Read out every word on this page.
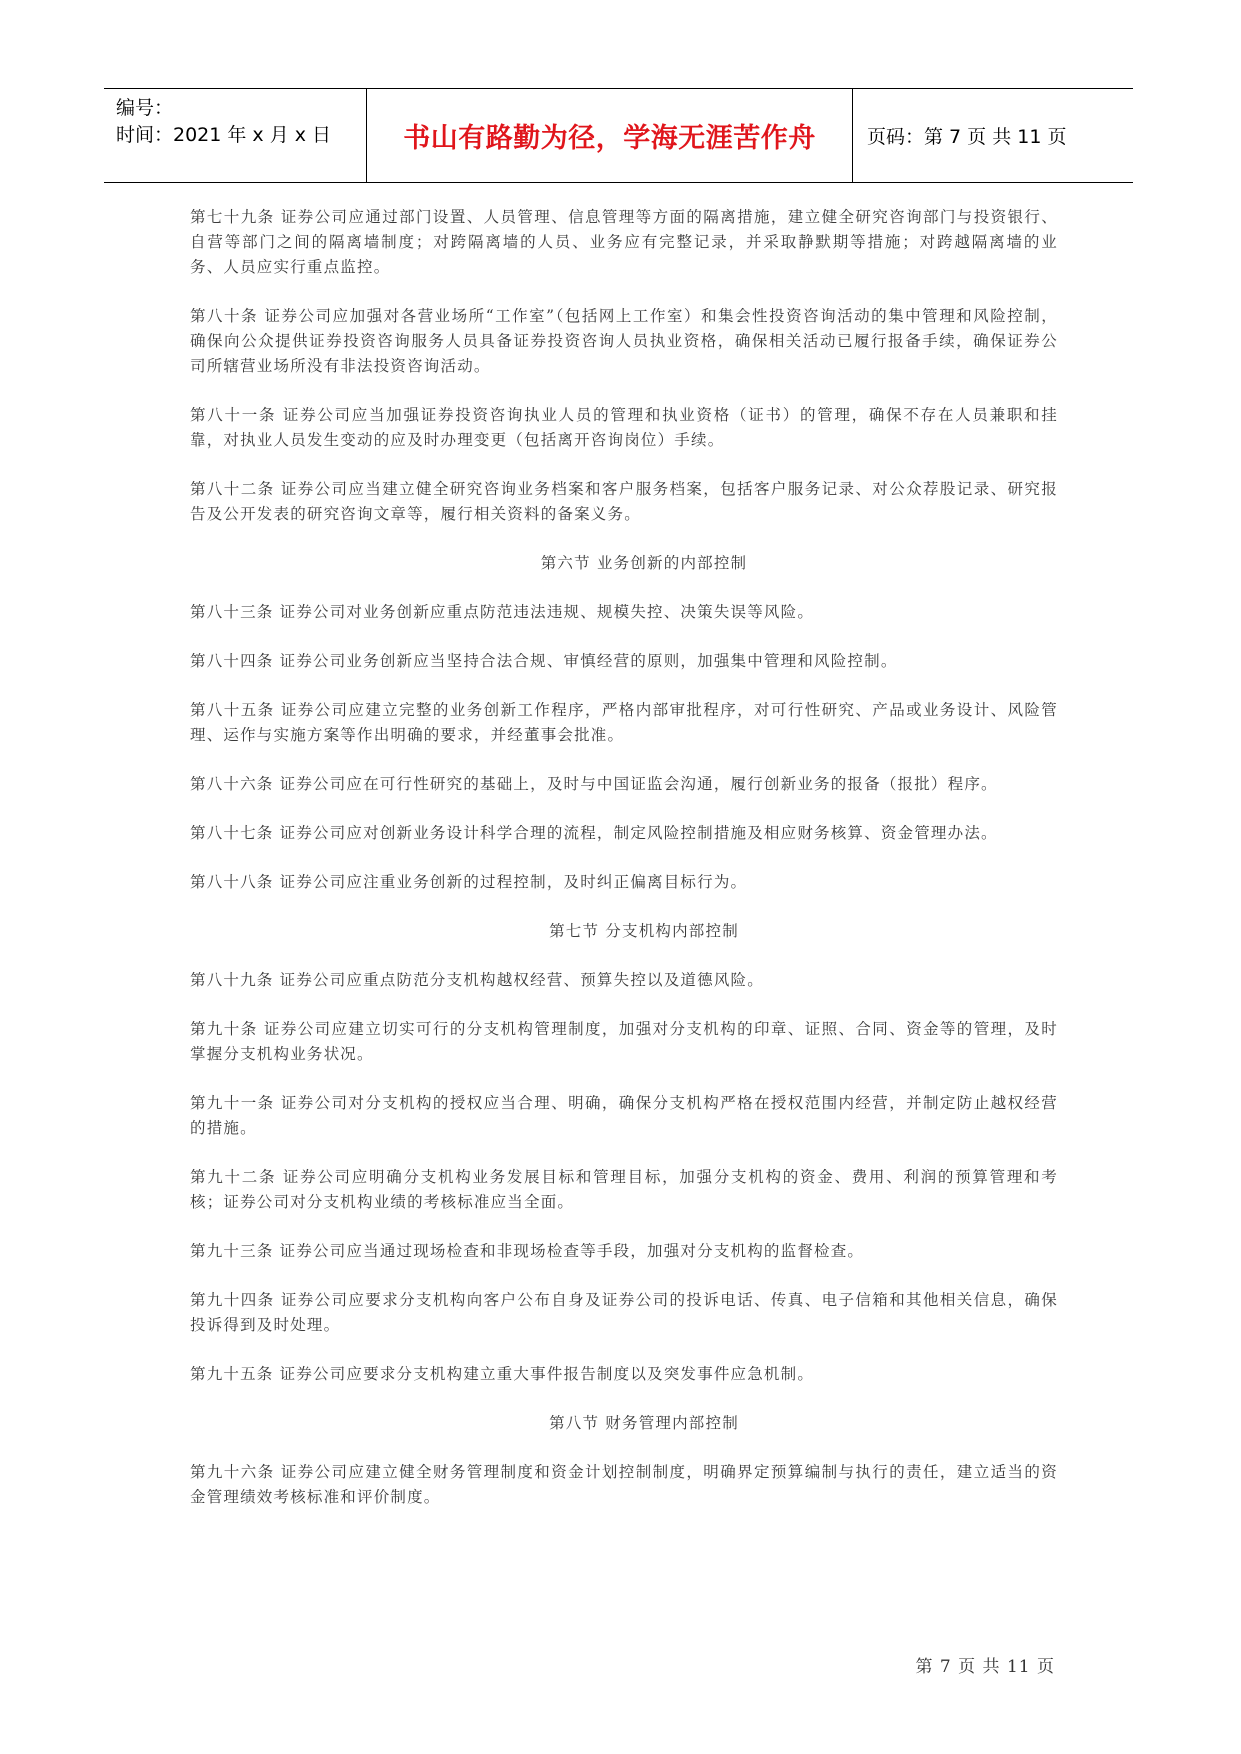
编号：
时间：2021 年 x 月 x 日	书山有路勤为径，学海无涯苦作舟	页码：第 7 页 共 11 页

第七十九条 证券公司应通过部门设置、人员管理、信息管理等方面的隔离措施，建立健全研究咨询部门与投资银行、自营等部门之间的隔离墙制度；对跨隔离墙的人员、业务应有完整记录，并采取静默期等措施；对跨越隔离墙的业务、人员应实行重点监控。

第八十条 证券公司应加强对各营业场所“工作室”（包括网上工作室）和集会性投资咨询活动的集中管理和风险控制，确保向公众提供证券投资咨询服务人员具备证券投资咨询人员执业资格，确保相关活动已履行报备手续，确保证券公司所辖营业场所没有非法投资咨询活动。

第八十一条 证券公司应当加强证券投资咨询执业人员的管理和执业资格（证书）的管理，确保不存在人员兼职和挂靠，对执业人员发生变动的应及时办理变更（包括离开咨询岗位）手续。

第八十二条 证券公司应当建立健全研究咨询业务档案和客户服务档案，包括客户服务记录、对公众荐股记录、研究报告及公开发表的研究咨询文章等，履行相关资料的备案义务。

第六节 业务创新的内部控制

第八十三条 证券公司对业务创新应重点防范违法违规、规模失控、决策失误等风险。

第八十四条 证券公司业务创新应当坚持合法合规、审慎经营的原则，加强集中管理和风险控制。

第八十五条 证券公司应建立完整的业务创新工作程序，严格内部审批程序，对可行性研究、产品或业务设计、风险管理、运作与实施方案等作出明确的要求，并经董事会批准。

第八十六条 证券公司应在可行性研究的基础上，及时与中国证监会沟通，履行创新业务的报备（报批）程序。

第八十七条 证券公司应对创新业务设计科学合理的流程，制定风险控制措施及相应财务核算、资金管理办法。

第八十八条 证券公司应注重业务创新的过程控制，及时纠正偏离目标行为。

第七节 分支机构内部控制

第八十九条 证券公司应重点防范分支机构越权经营、预算失控以及道德风险。

第九十条 证券公司应建立切实可行的分支机构管理制度，加强对分支机构的印章、证照、合同、资金等的管理，及时掌握分支机构业务状况。

第九十一条 证券公司对分支机构的授权应当合理、明确，确保分支机构严格在授权范围内经营，并制定防止越权经营的措施。

第九十二条 证券公司应明确分支机构业务发展目标和管理目标，加强分支机构的资金、费用、利润的预算管理和考核；证券公司对分支机构业绩的考核标准应当全面。

第九十三条 证券公司应当通过现场检查和非现场检查等手段，加强对分支机构的监督检查。

第九十四条 证券公司应要求分支机构向客户公布自身及证券公司的投诉电话、传真、电子信箱和其他相关信息，确保投诉得到及时处理。

第九十五条 证券公司应要求分支机构建立重大事件报告制度以及突发事件应急机制。

第八节 财务管理内部控制

第九十六条 证券公司应建立健全财务管理制度和资金计划控制制度，明确界定预算编制与执行的责任，建立适当的资金管理绩效考核标准和评价制度。

第 7 页 共 11 页
